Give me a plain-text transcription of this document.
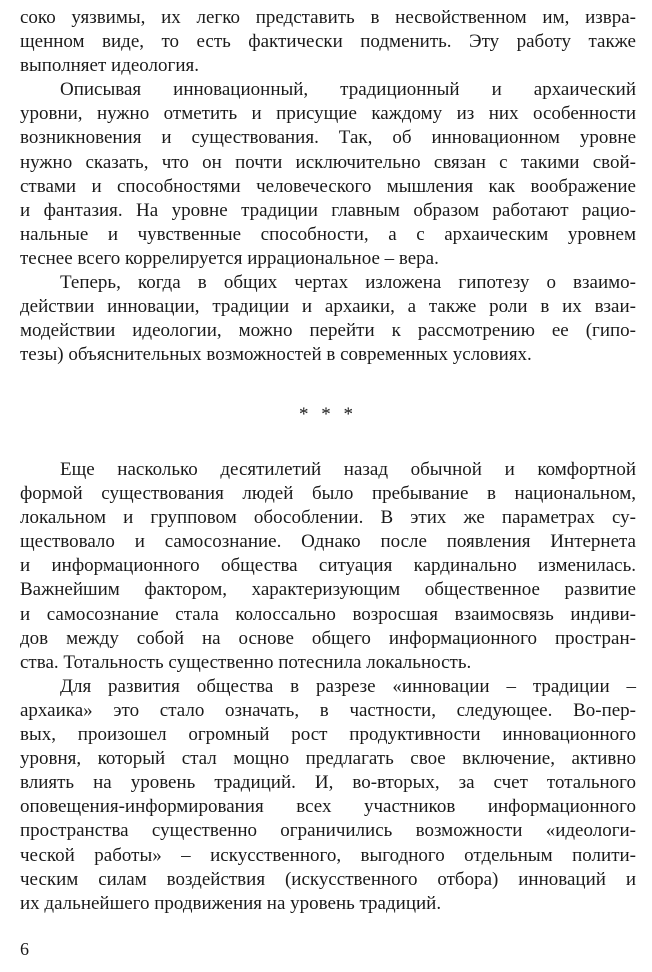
соко уязвимы, их легко представить в несвойственном им, извра-
щенном виде, то есть фактически подменить. Эту работу также
выполняет идеология.
Описывая инновационный, традиционный и архаический
уровни, нужно отметить и присущие каждому из них особенности
возникновения и существования. Так, об инновационном уровне
нужно сказать, что он почти исключительно связан с такими свой-
ствами и способностями человеческого мышления как воображение
и фантазия. На уровне традиции главным образом работают рацио-
нальные и чувственные способности, а с архаическим уровнем
теснее всего коррелируется иррациональное – вера.
Теперь, когда в общих чертах изложена гипотезу о взаимо-
действии инновации, традиции и архаики, а также роли в их взаи-
модействии идеологии, можно перейти к рассмотрению ее (гипо-
тезы) объяснительных возможностей в современных условиях.
* * *
Еще насколько десятилетий назад обычной и комфортной
формой существования людей было пребывание в национальном,
локальном и групповом обособлении. В этих же параметрах су-
ществовало и самосознание. Однако после появления Интернета
и информационного общества ситуация кардинально изменилась.
Важнейшим фактором, характеризующим общественное развитие
и самосознание стала колоссально возросшая взаимосвязь индиви-
дов между собой на основе общего информационного простран-
ства. Тотальность существенно потеснила локальность.
Для развития общества в разрезе «инновации – традиции –
архаика» это стало означать, в частности, следующее. Во-пер-
вых, произошел огромный рост продуктивности инновационного
уровня, который стал мощно предлагать свое включение, активно
влиять на уровень традиций. И, во-вторых, за счет тотального
оповещения-информирования всех участников информационного
пространства существенно ограничились возможности «идеологи-
ческой работы» – искусственного, выгодного отдельным полити-
ческим силам воздействия (искусственного отбора) инноваций и
их дальнейшего продвижения на уровень традиций.
6
